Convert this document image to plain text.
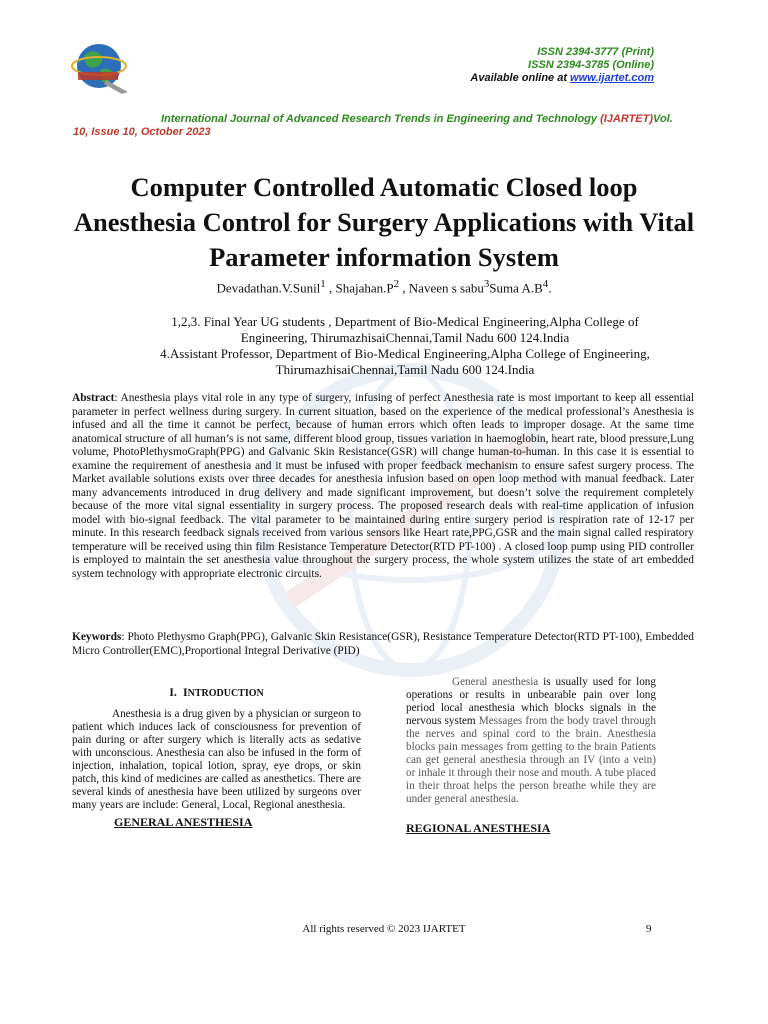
ISSN 2394-3777 (Print)
ISSN 2394-3785 (Online)
Available online at www.ijartet.com
International Journal of Advanced Research Trends in Engineering and Technology (IJARTET)Vol.
10, Issue 10, October 2023
Computer Controlled Automatic Closed loop Anesthesia Control for Surgery Applications with Vital Parameter information System
Devadathan.V.Sunil$^1$ , $Shajahan.P^2$ , Naveen s sabu$^3$Suma $A.B^4$.
1,2,3. Final Year UG students , Department of Bio-Medical Engineering,Alpha College of Engineering, ThirumazhisaiChennai,Tamil Nadu 600 124.India
4.Assistant Professor, Department of Bio-Medical Engineering,Alpha College of Engineering, ThirumazhisaiChennai,Tamil Nadu 600 124.India
Abstract: Anesthesia plays vital role in any type of surgery, infusing of perfect Anesthesia rate is most important to keep all essential parameter in perfect wellness during surgery. In current situation, based on the experience of the medical professional’s Anesthesia is infused and all the time it cannot be perfect, because of human errors which often leads to improper dosage. At the same time anatomical structure of all human’s is not same, different blood group, tissues variation in haemoglobin, heart rate, blood pressure,Lung volume, PhotoPlethysmoGraph(PPG) and Galvanic Skin Resistance(GSR) will change human-to-human. In this case it is essential to examine the requirement of anesthesia and it must be infused with proper feedback mechanism to ensure safest surgery process. The Market available solutions exists over three decades for anesthesia infusion based on open loop method with manual feedback. Later many advancements introduced in drug delivery and made significant improvement, but doesn’t solve the requirement completely because of the more vital signal essentiality in surgery process. The proposed research deals with real-time application of infusion model with bio-signal feedback. The vital parameter to be maintained during entire surgery period is respiration rate of 12-17 per minute. In this research feedback signals received from various sensors like Heart rate,PPG,GSR and the main signal called respiratory temperature will be received using thin film Resistance Temperature Detector(RTD PT-100) . A closed loop pump using PID controller is employed to maintain the set anesthesia value throughout the surgery process, the whole system utilizes the state of art embedded system technology with appropriate electronic circuits.
Keywords: Photo Plethysmo Graph(PPG), Galvanic Skin Resistance(GSR), Resistance Temperature Detector(RTD PT-100), Embedded Micro Controller(EMC),Proportional Integral Derivative (PID)
I. INTRODUCTION

Anesthesia is a drug given by a physician or surgeon to patient which induces lack of consciousness for prevention of pain during or after surgery which is literally acts as sedative with unconscious. Anesthesia can also be infused in the form of injection, inhalation, topical lotion, spray, eye drops, or skin patch, this kind of medicines are called as anesthetics. There are several kinds of anesthesia have been utilized by surgeons over many years are include: General, Local, Regional anesthesia.

GENERAL ANESTHESIA

General anesthesia is usually used for long operations or results in unbearable pain over long period local anesthesia which blocks signals in the nervous system Messages from the body travel through the nerves and spinal cord to the brain. Anesthesia blocks pain messages from getting to the brain Patients can get general anesthesia through an IV (into a vein) or inhale it through their nose and mouth. A tube placed in their throat helps the person breathe while they are under general anesthesia.

REGIONAL ANESTHESIA
All rights reserved © 2023 IJARTET	9
